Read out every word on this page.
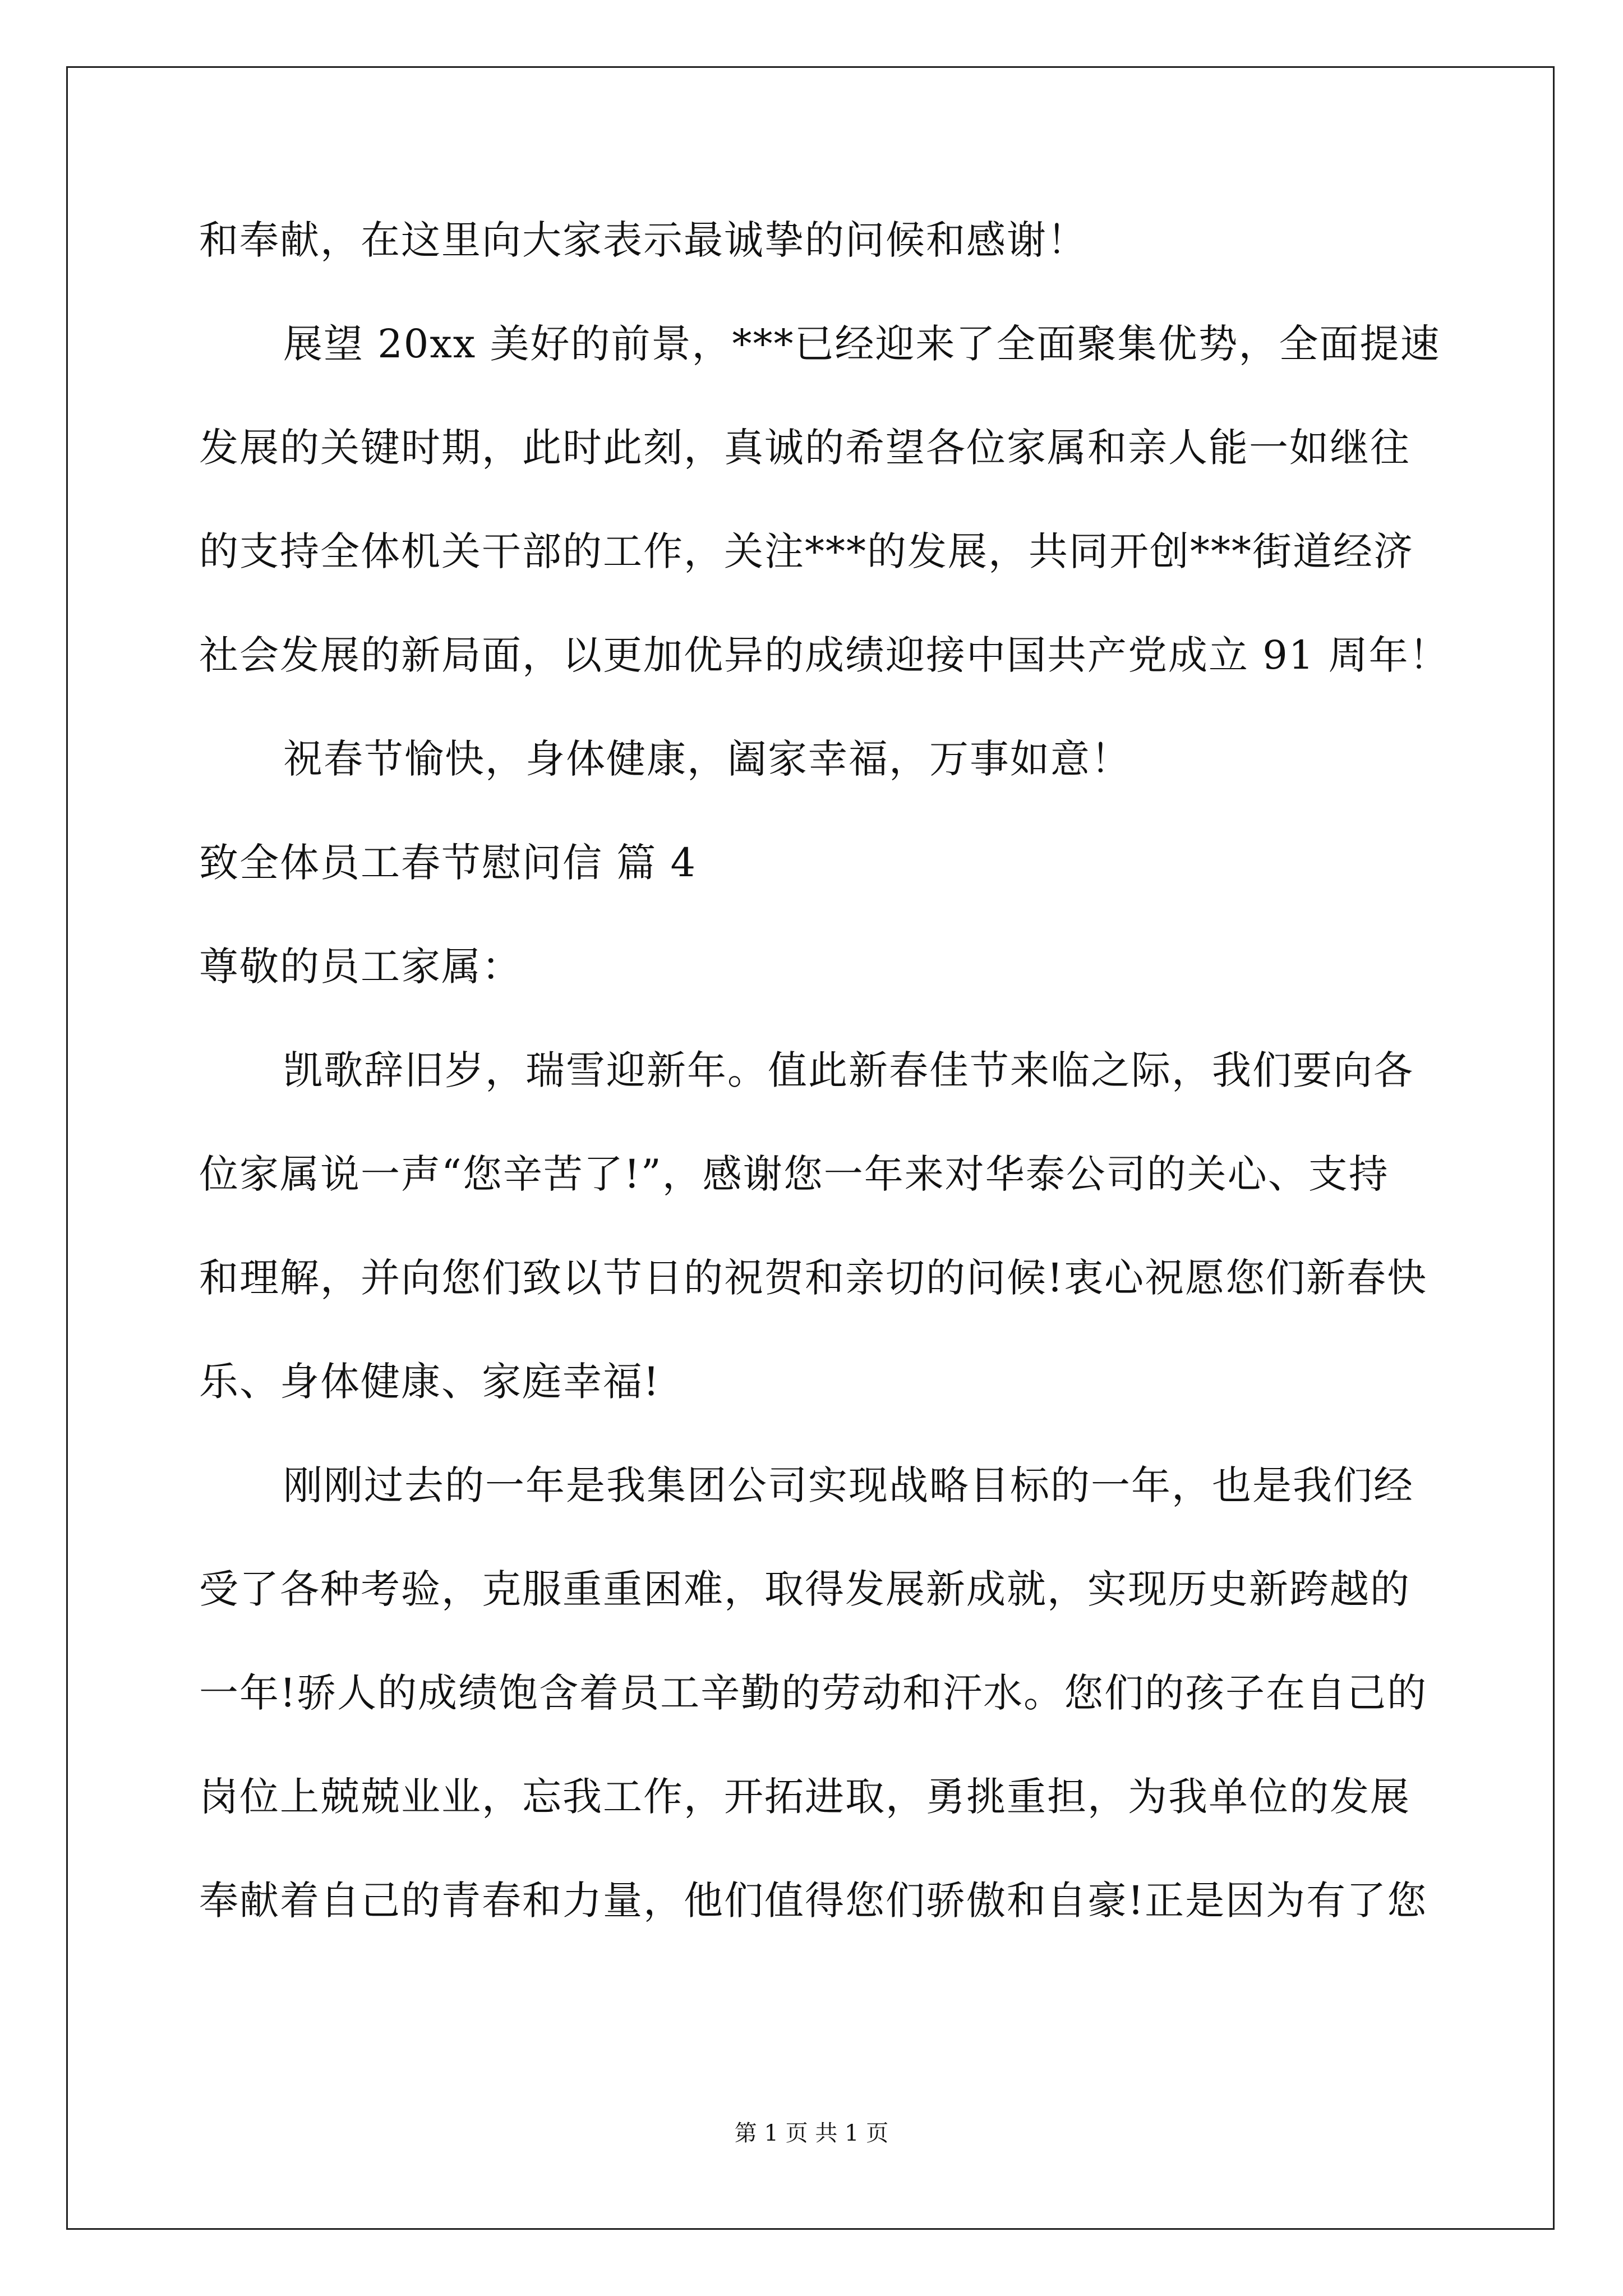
和奉献，在这里向大家表示最诚挚的问候和感谢！
展望 20xx 美好的前景，***已经迎来了全面聚集优势，全面提速
发展的关键时期，此时此刻，真诚的希望各位家属和亲人能一如继往
的支持全体机关干部的工作，关注***的发展，共同开创***街道经济
社会发展的新局面，以更加优异的成绩迎接中国共产党成立 91 周年！
祝春节愉快，身体健康，阖家幸福，万事如意！
致全体员工春节慰问信 篇 4
尊敬的员工家属：
凯歌辞旧岁，瑞雪迎新年。值此新春佳节来临之际，我们要向各
位家属说一声“您辛苦了!”，感谢您一年来对华泰公司的关心、支持
和理解，并向您们致以节日的祝贺和亲切的问候!衷心祝愿您们新春快
乐、身体健康、家庭幸福!
刚刚过去的一年是我集团公司实现战略目标的一年，也是我们经
受了各种考验，克服重重困难，取得发展新成就，实现历史新跨越的
一年!骄人的成绩饱含着员工辛勤的劳动和汗水。您们的孩子在自己的
岗位上兢兢业业，忘我工作，开拓进取，勇挑重担，为我单位的发展
奉献着自己的青春和力量，他们值得您们骄傲和自豪!正是因为有了您
第 1 页 共 1 页
